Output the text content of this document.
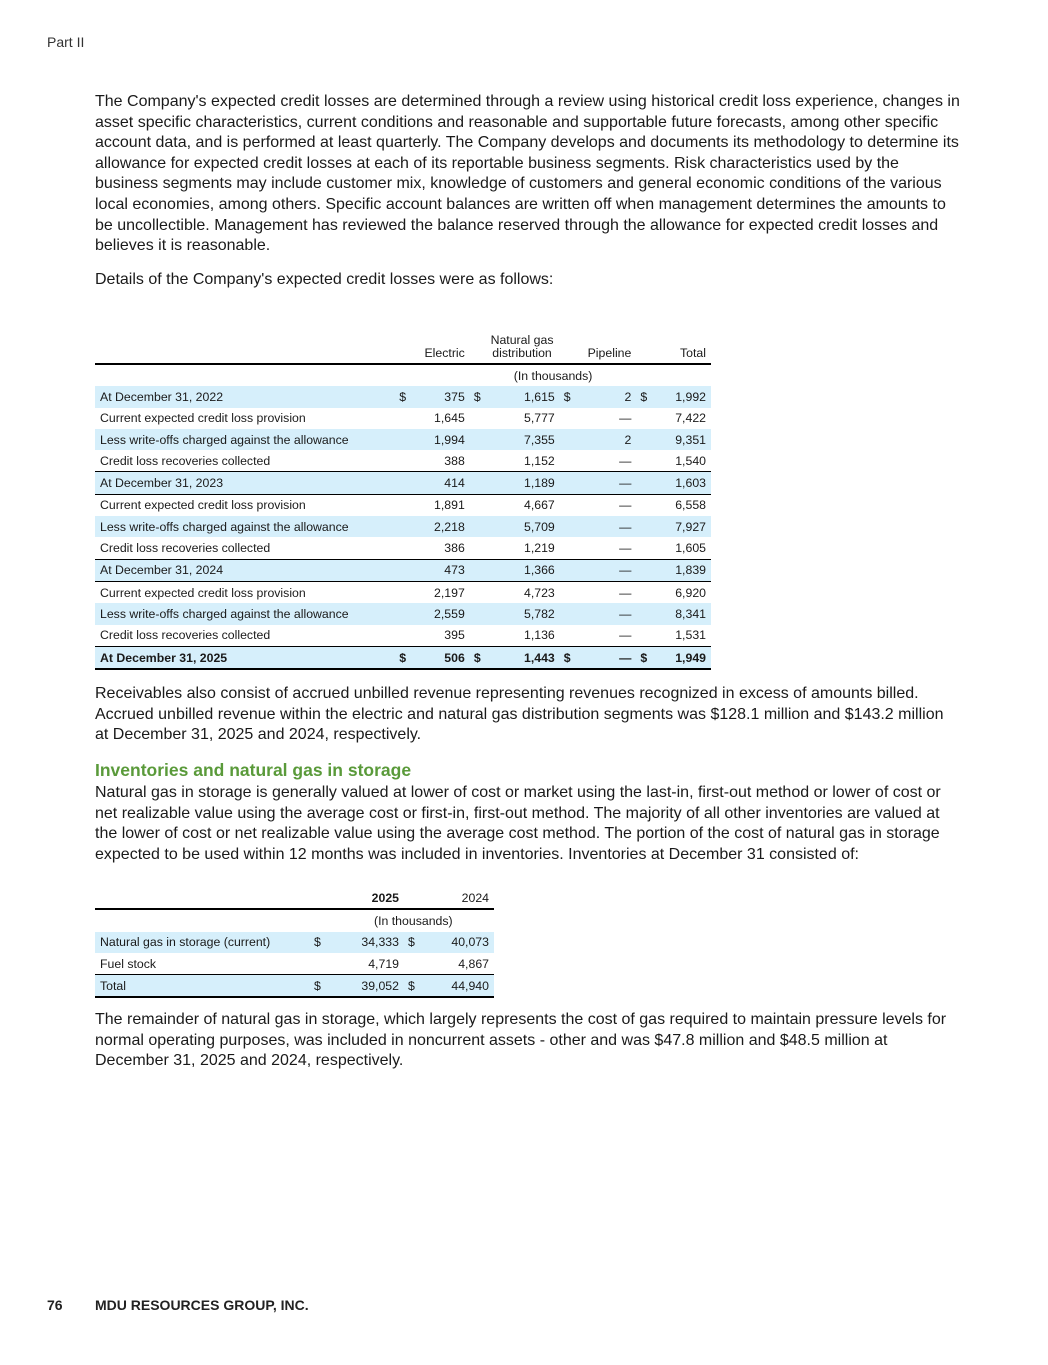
Part II

The Company's expected credit losses are determined through a review using historical credit loss experience, changes in asset specific characteristics, current conditions and reasonable and supportable future forecasts, among other specific account data, and is performed at least quarterly. The Company develops and documents its methodology to determine its allowance for expected credit losses at each of its reportable business segments. Risk characteristics used by the business segments may include customer mix, knowledge of customers and general economic conditions of the various local economies, among others. Specific account balances are written off when management determines the amounts to be uncollectible. Management has reviewed the balance reserved through the allowance for expected credit losses and believes it is reasonable.

Details of the Company's expected credit losses were as follows:

		Electric		Natural gas
distribution		Pipeline		Total
			(In thousands)					
At December 31, 2022	$	375	$	1,615	$	2	$	1,992
Current expected credit loss provision		1,645		5,777		—		7,422
Less write-offs charged against the allowance		1,994		7,355		2		9,351
Credit loss recoveries collected		388		1,152		—		1,540
At December 31, 2023		414		1,189		—		1,603
Current expected credit loss provision		1,891		4,667		—		6,558
Less write-offs charged against the allowance		2,218		5,709		—		7,927
Credit loss recoveries collected		386		1,219		—		1,605
At December 31, 2024		473		1,366		—		1,839
Current expected credit loss provision		2,197		4,723		—		6,920
Less write-offs charged against the allowance		2,559		5,782		—		8,341
Credit loss recoveries collected		395		1,136		—		1,531
At December 31, 2025	$	506	$	1,443	$	—	$	1,949

Receivables also consist of accrued unbilled revenue representing revenues recognized in excess of amounts billed. Accrued unbilled revenue within the electric and natural gas distribution segments was $128.1 million and $143.2 million at December 31, 2025 and 2024, respectively.

Inventories and natural gas in storage

Natural gas in storage is generally valued at lower of cost or market using the last-in, first-out method or lower of cost or net realizable value using the average cost or first-in, first-out method. The majority of all other inventories are valued at the lower of cost or net realizable value using the average cost method. The portion of the cost of natural gas in storage expected to be used within 12 months was included in inventories. Inventories at December 31 consisted of:

		2025		2024
		(In thousands)		
Natural gas in storage (current)	$	34,333	$	40,073
Fuel stock		4,719		4,867
Total	$	39,052	$	44,940

The remainder of natural gas in storage, which largely represents the cost of gas required to maintain pressure levels for normal operating purposes, was included in noncurrent assets - other and was $47.8 million and $48.5 million at December 31, 2025 and 2024, respectively.

76 MDU RESOURCES GROUP, INC.
